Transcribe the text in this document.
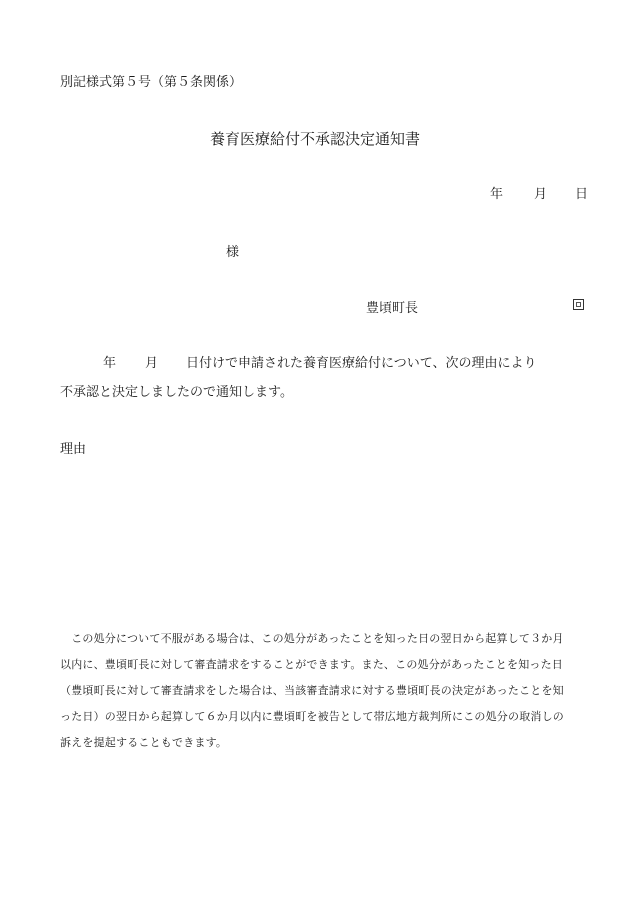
別記様式第５号（第５条関係）
養育医療給付不承認決定通知書
年 月 日
様
豊頃町長
年 月 日付けで申請された養育医療給付について、次の理由により
不承認と決定しましたので通知します。
理由
　この処分について不服がある場合は、この処分があったことを知った日の翌日から起算して３か月
以内に、豊頃町長に対して審査請求をすることができます。また、この処分があったことを知った日
（豊頃町長に対して審査請求をした場合は、当該審査請求に対する豊頃町長の決定があったことを知
った日）の翌日から起算して６か月以内に豊頃町を被告として帯広地方裁判所にこの処分の取消しの
訴えを提起することもできます。
